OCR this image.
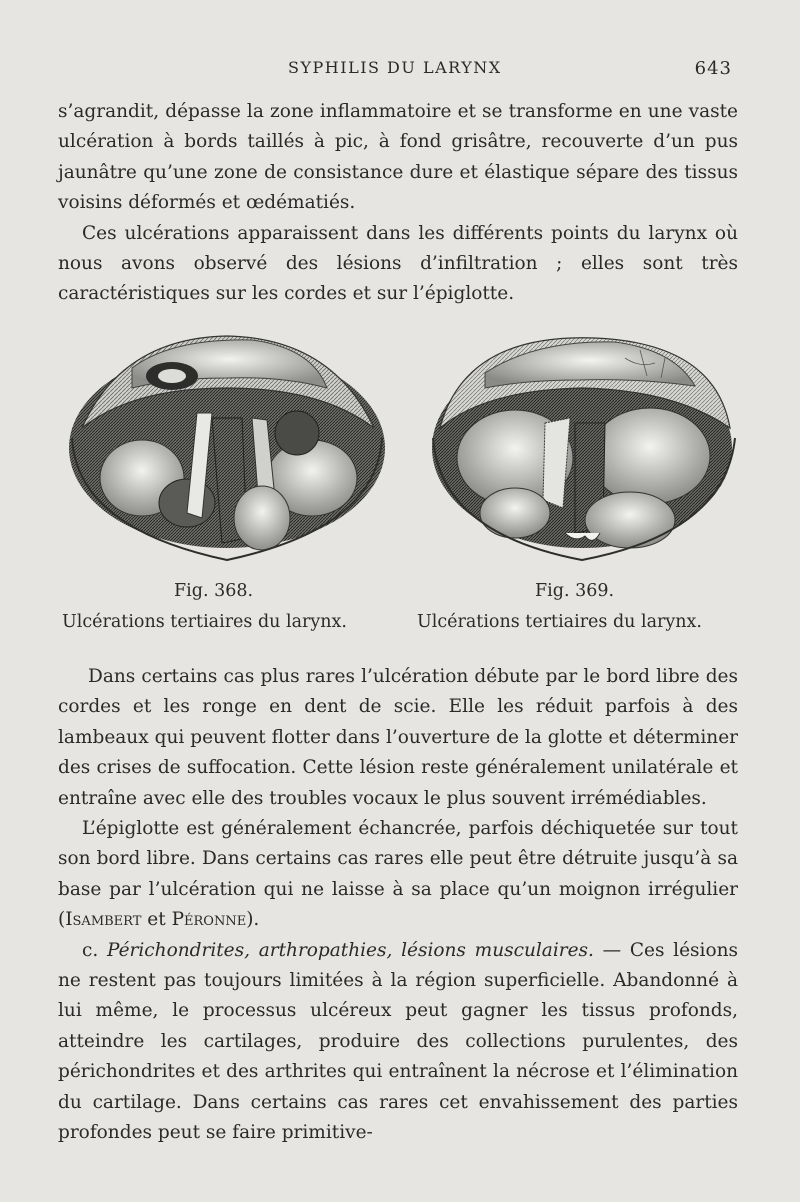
SYPHILIS DU LARYNX	643
s’agrandit, dépasse la zone inflammatoire et se transforme en une vaste ulcération à bords taillés à pic, à fond grisâtre, recouverte d’un pus jaunâtre qu’une zone de consistance dure et élastique sépare des tissus voisins déformés et œdématiés.
Ces ulcérations apparaissent dans les différents points du larynx où nous avons observé des lésions d’infiltration ; elles sont très caractéristiques sur les cordes et sur l’épiglotte.
Fig. 368.
Ulcérations tertiaires du larynx.
Fig. 369.
Ulcérations tertiaires du larynx.
Dans certains cas plus rares l’ulcération débute par le bord libre des cordes et les ronge en dent de scie. Elle les réduit parfois à des lambeaux qui peuvent flotter dans l’ouverture de la glotte et déterminer des crises de suffocation. Cette lésion reste généralement unilatérale et entraîne avec elle des troubles vocaux le plus souvent irrémédiables.
L’épiglotte est généralement échancrée, parfois déchiquetée sur tout son bord libre. Dans certains cas rares elle peut être détruite jusqu’à sa base par l’ulcération qui ne laisse à sa place qu’un moignon irrégulier (Isambert et Péronne).
c. Périchondrites, arthropathies, lésions musculaires. — Ces lésions ne restent pas toujours limitées à la région superficielle. Abandonné à lui même, le processus ulcéreux peut gagner les tissus profonds, atteindre les cartilages, produire des collections purulentes, des périchondrites et des arthrites qui entraînent la nécrose et l’élimination du cartilage. Dans certains cas rares cet envahissement des parties profondes peut se faire primitive-
